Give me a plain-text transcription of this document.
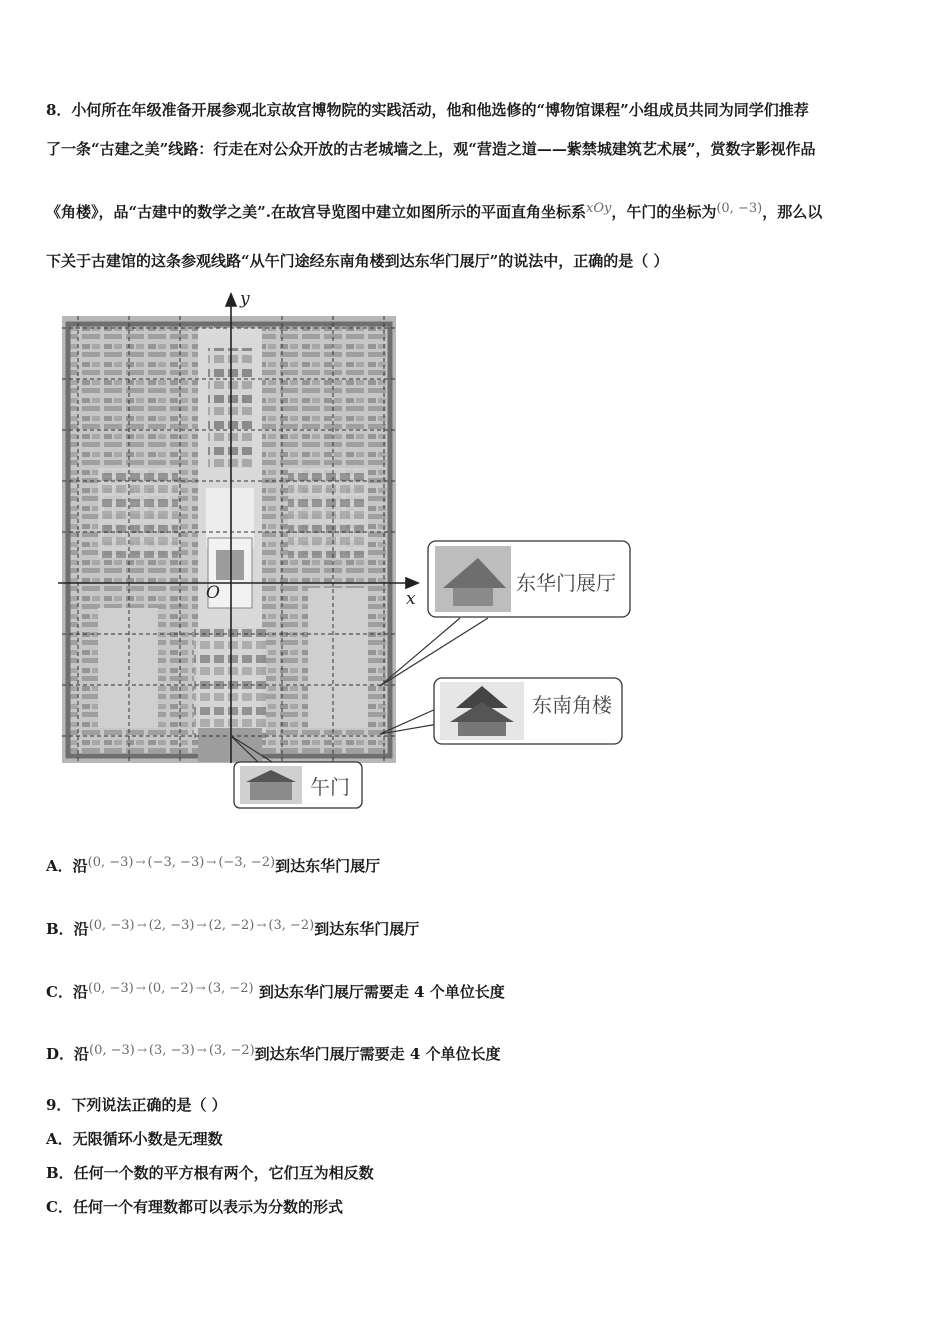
8．小何所在年级准备开展参观北京故宫博物院的实践活动，他和他选修的“博物馆课程”小组成员共同为同学们推荐
了一条“古建之美”线路：行走在对公众开放的古老城墙之上，观“营造之道——紫禁城建筑艺术展”，赏数字影视作品
《角楼》，品“古建中的数学之美”.在故宫导览图中建立如图所示的平面直角坐标系xOy，午门的坐标为(0, −3)，那么以
下关于古建馆的这条参观线路“从午门途经东南角楼到达东华门展厅”的说法中，正确的是（ ）
y
x
O	东华门展厅
东南角楼
午门
A．沿(0, −3) → (−3, −3) → (−3, −2)到达东华门展厅
B．沿(0, −3) → (2, −3) → (2, −2) → (3, −2)到达东华门展厅
C．沿(0, −3) → (0, −2) → (3, −2) 到达东华门展厅需要走 4 个单位长度
D．沿(0, −3) → (3, −3) → (3, −2)到达东华门展厅需要走 4 个单位长度
9．下列说法正确的是（ ）
A．无限循环小数是无理数
B．任何一个数的平方根有两个，它们互为相反数
C．任何一个有理数都可以表示为分数的形式
